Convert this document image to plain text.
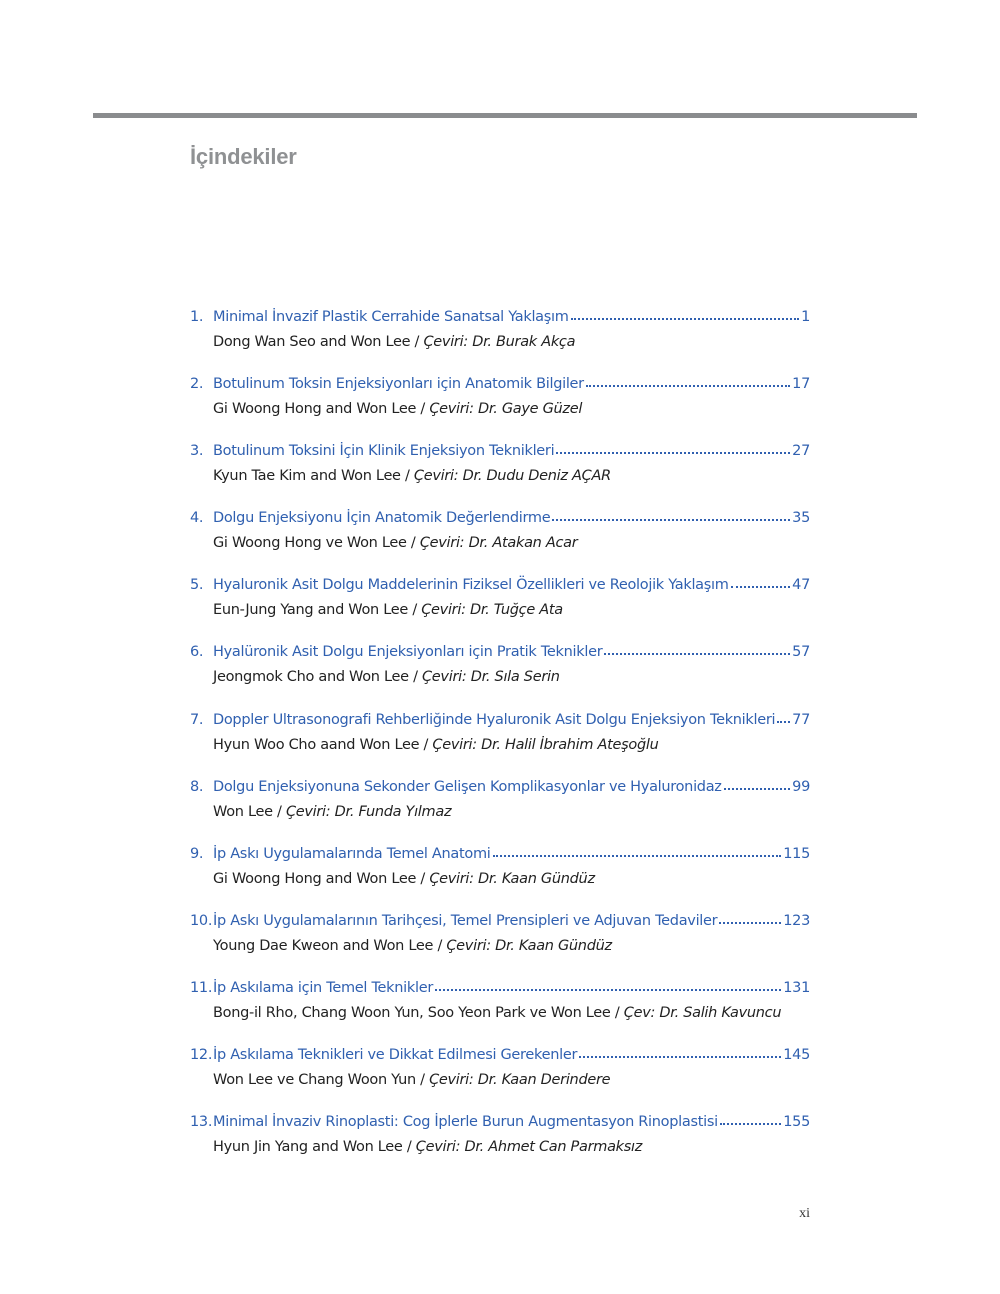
İçindekiler
1. Minimal İnvazif Plastik Cerrahide Sanatsal Yaklaşım	1
Dong Wan Seo and Won Lee / Çeviri: Dr. Burak Akça
2. Botulinum Toksin Enjeksiyonları için Anatomik Bilgiler	17
Gi Woong Hong and Won Lee / Çeviri: Dr. Gaye Güzel
3. Botulinum Toksini İçin Klinik Enjeksiyon Teknikleri	27
Kyun Tae Kim and Won Lee / Çeviri: Dr. Dudu Deniz AÇAR
4. Dolgu Enjeksiyonu İçin Anatomik Değerlendirme	35
Gi Woong Hong ve Won Lee / Çeviri: Dr. Atakan Acar
5. Hyaluronik Asit Dolgu Maddelerinin Fiziksel Özellikleri ve Reolojik Yaklaşım	47
Eun-Jung Yang and Won Lee / Çeviri: Dr. Tuğçe Ata
6. Hyalüronik Asit Dolgu Enjeksiyonları için Pratik Teknikler	57
Jeongmok Cho and Won Lee / Çeviri: Dr. Sıla Serin
7. Doppler Ultrasonografi Rehberliğinde Hyaluronik Asit Dolgu Enjeksiyon Teknikleri 77
Hyun Woo Cho aand Won Lee / Çeviri: Dr. Halil İbrahim Ateşoğlu
8. Dolgu Enjeksiyonuna Sekonder Gelişen Komplikasyonlar ve Hyaluronidaz	99
Won Lee / Çeviri: Dr. Funda Yılmaz
9. İp Askı Uygulamalarında Temel Anatomi	115
Gi Woong Hong and Won Lee / Çeviri: Dr. Kaan Gündüz
10. İp Askı Uygulamalarının Tarihçesi, Temel Prensipleri ve Adjuvan Tedaviler	123
Young Dae Kweon and Won Lee / Çeviri: Dr. Kaan Gündüz
11. İp Askılama için Temel Teknikler	131
Bong-il Rho, Chang Woon Yun, Soo Yeon Park ve Won Lee / Çev: Dr. Salih Kavuncu
12. İp Askılama Teknikleri ve Dikkat Edilmesi Gerekenler	145
Won Lee ve Chang Woon Yun / Çeviri: Dr. Kaan Derindere
13. Minimal İnvaziv Rinoplasti: Cog İplerle Burun Augmentasyon Rinoplastisi	155
Hyun Jin Yang and Won Lee / Çeviri: Dr. Ahmet Can Parmaksız
xi
